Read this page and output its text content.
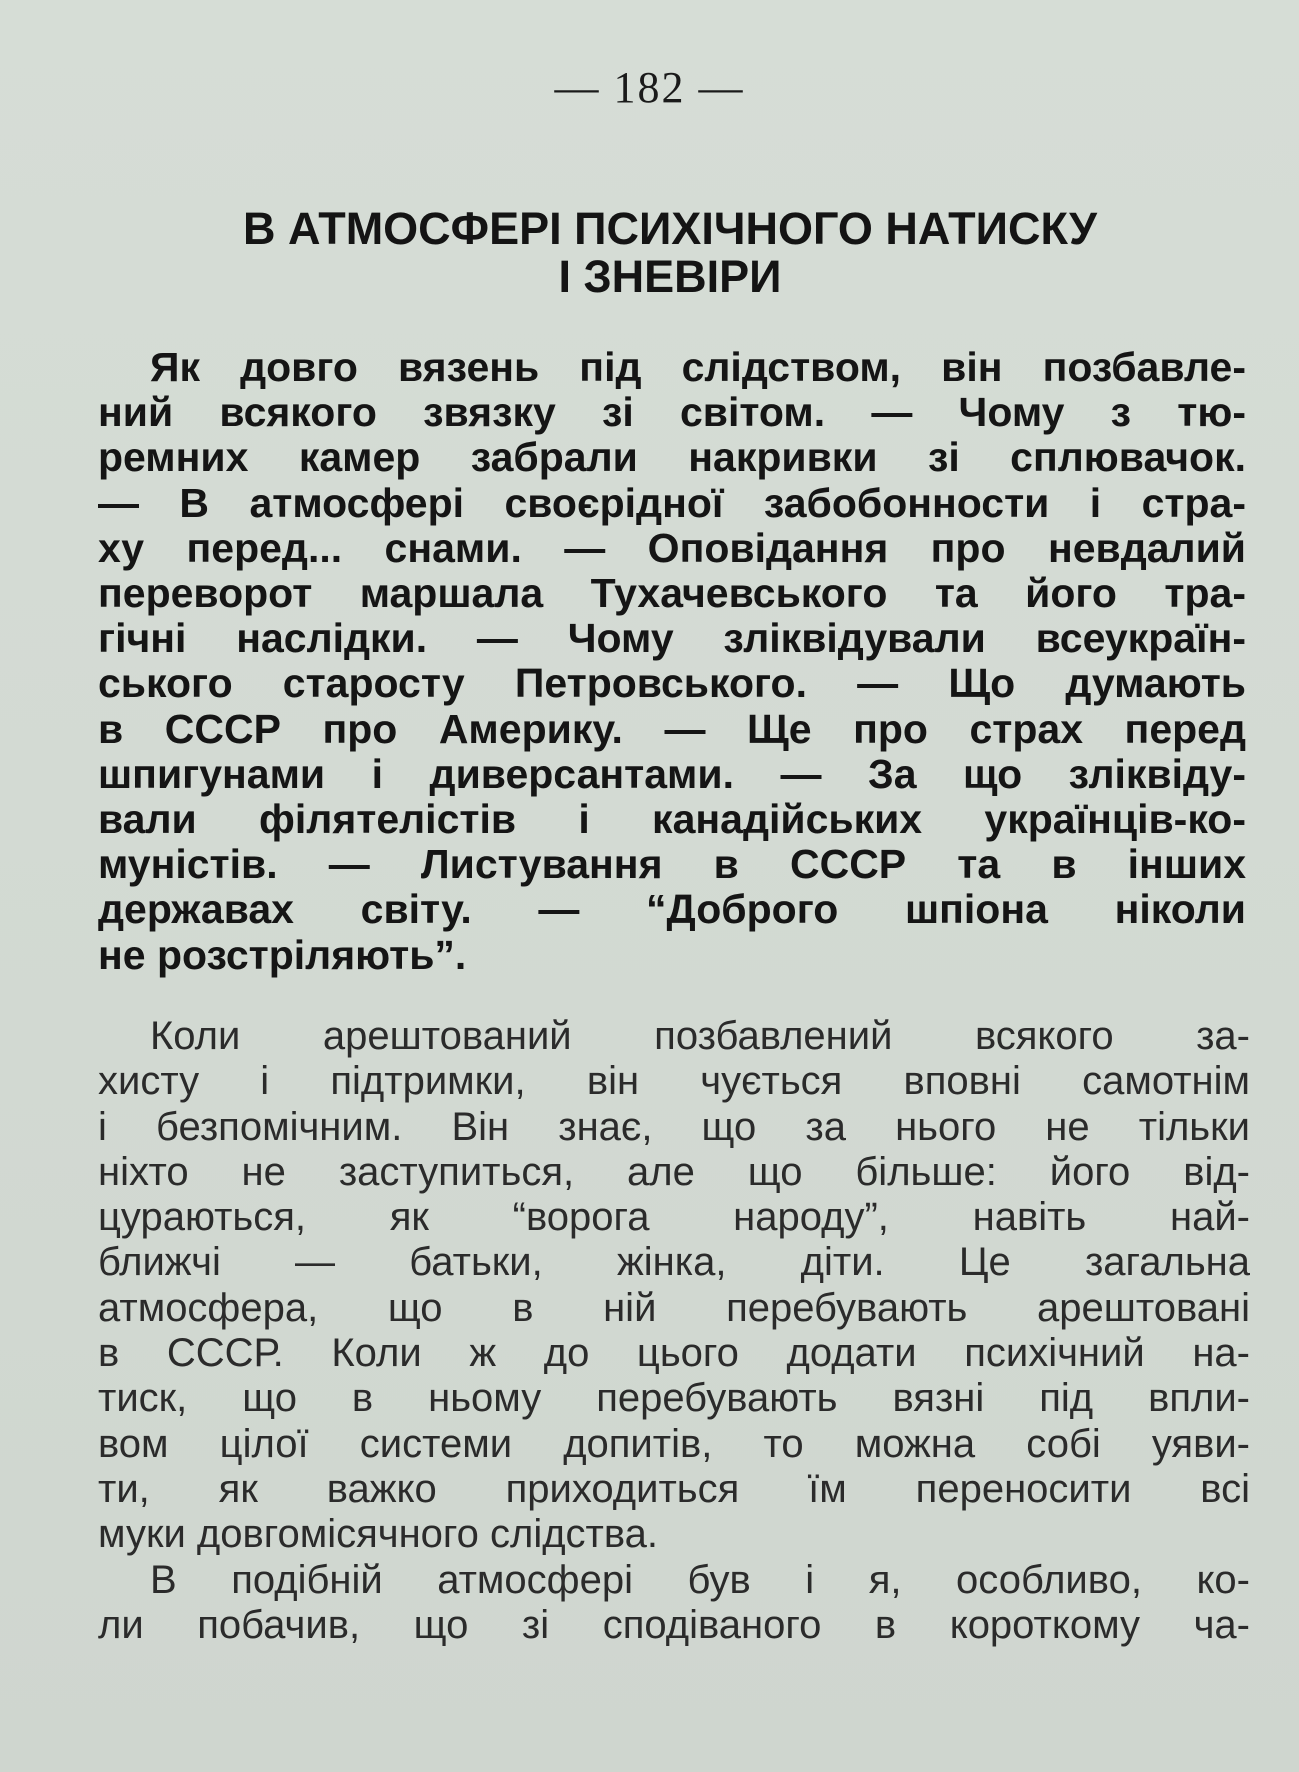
— 182 —
В АТМОСФЕРІ ПСИХІЧНОГО НАТИСКУ
І ЗНЕВІРИ
Як довго вязень під слідством, він позбавле-
ний всякого звязку зі світом. — Чому з тю-
ремних камер забрали накривки зі сплювачок.
— В атмосфері своєрідної забобонности і стра-
ху перед... снами. — Оповідання про невдалий
переворот маршала Тухачевського та його тра-
гічні наслідки. — Чому зліквідували всеукраїн-
ського старосту Петровського. — Що думають
в СССР про Америку. — Ще про страх перед
шпигунами і диверсантами. — За що зліквіду-
вали філятелістів і канадійських українців-ко-
муністів. — Листування в СССР та в інших
державах світу. — “Доброго шпіона ніколи
не розстріляють”.
Коли арештований позбавлений всякого за-
хисту і підтримки, він чується вповні самотнім
і безпомічним. Він знає, що за нього не тільки
ніхто не заступиться, але що більше: його від-
цураються, як “ворога народу”, навіть най-
ближчі — батьки, жінка, діти. Це загальна
атмосфера, що в ній перебувають арештовані
в СССР. Коли ж до цього додати психічний на-
тиск, що в ньому перебувають вязні під впли-
вом цілої системи допитів, то можна собі уяви-
ти, як важко приходиться їм переносити всі
муки довгомісячного слідства.
В подібній атмосфері був і я, особливо, ко-
ли побачив, що зі сподіваного в короткому ча-
